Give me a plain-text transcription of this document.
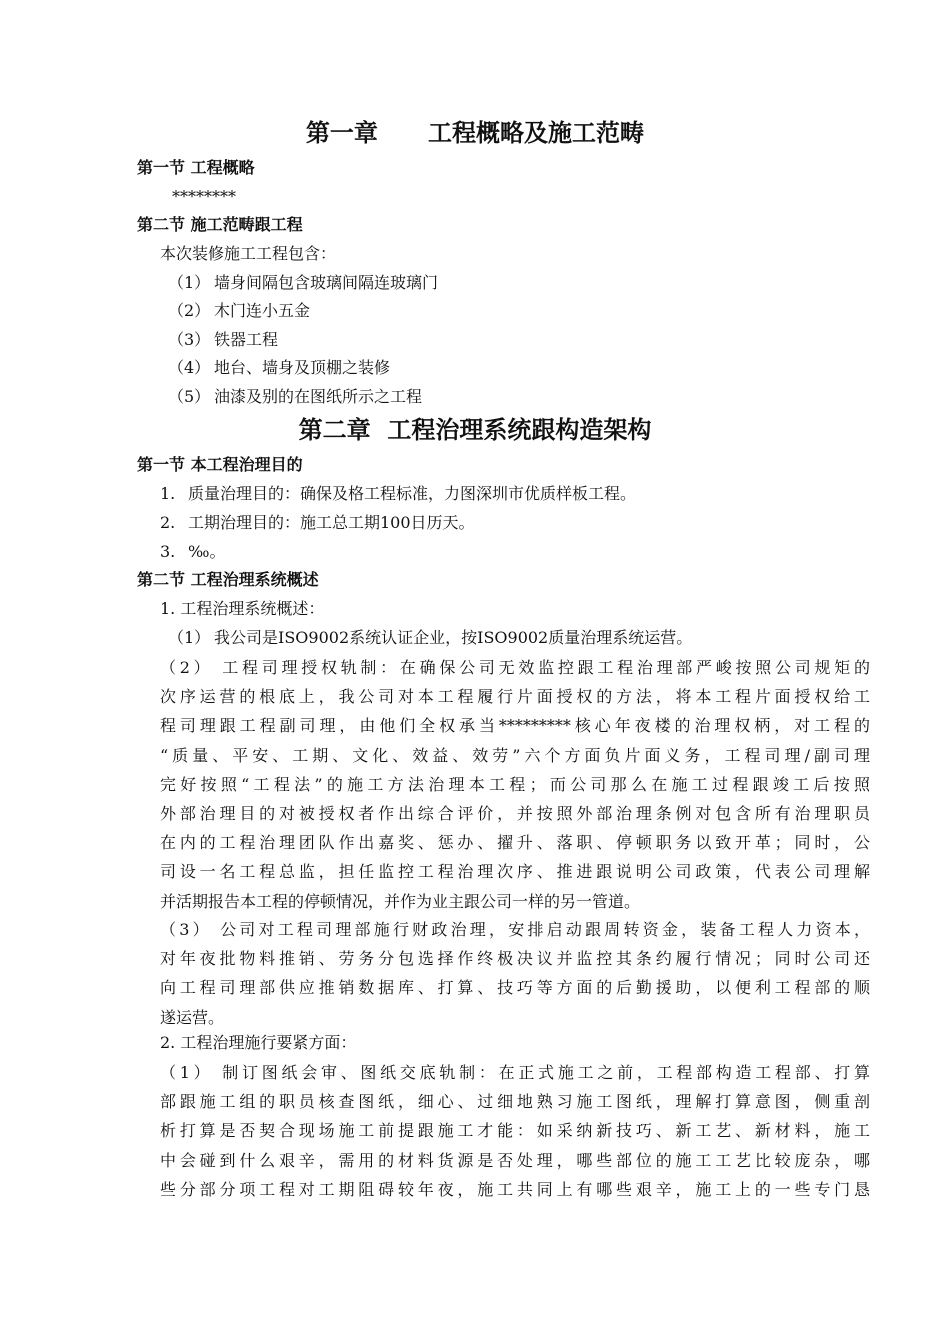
第一章      工程概略及施工范畴
第一节 工程概略
********
第二节 施工范畴跟工程
本次装修施工工程包含：
（1） 墙身间隔包含玻璃间隔连玻璃门
（2） 木门连小五金
（3） 铁器工程
（4） 地台、墙身及顶棚之装修
（5） 油漆及别的在图纸所示之工程
第二章  工程治理系统跟构造架构
第一节 本工程治理目的
1. 质量治理目的：确保及格工程标准，力图深圳市优质样板工程。
2. 工期治理目的：施工总工期100日历天。
3. ‰。
第二节 工程治理系统概述
1. 工程治理系统概述：
（1） 我公司是ISO9002系统认证企业，按ISO9002质量治理系统运营。
（2） 工程司理授权轨制：在确保公司无效监控跟工程治理部严峻按照公司规矩的
次序运营的根底上，我公司对本工程履行片面授权的方法，将本工程片面授权给工
程司理跟工程副司理，由他们全权承当*********核心年夜楼的治理权柄，对工程的
“质量、平安、工期、文化、效益、效劳”六个方面负片面义务，工程司理/副司理
完好按照“工程法”的施工方法治理本工程；而公司那么在施工过程跟竣工后按照
外部治理目的对被授权者作出综合评价，并按照外部治理条例对包含所有治理职员
在内的工程治理团队作出嘉奖、惩办、擢升、落职、停顿职务以致开革；同时，公
司设一名工程总监，担任监控工程治理次序、推进跟说明公司政策，代表公司理解
并活期报告本工程的停顿情况，并作为业主跟公司一样的另一管道。
（3） 公司对工程司理部施行财政治理，安排启动跟周转资金，装备工程人力资本，
对年夜批物料推销、劳务分包选择作终极决议并监控其条约履行情况；同时公司还
向工程司理部供应推销数据库、打算、技巧等方面的后勤援助，以便利工程部的顺
遂运营。
2. 工程治理施行要紧方面：
（1） 制订图纸会审、图纸交底轨制：在正式施工之前，工程部构造工程部、打算
部跟施工组的职员核查图纸，细心、过细地熟习施工图纸，理解打算意图，侧重剖
析打算是否契合现场施工前提跟施工才能：如采纳新技巧、新工艺、新材料，施工
中会碰到什么艰辛，需用的材料货源是否处理，哪些部位的施工工艺比较庞杂，哪
些分部分项工程对工期阻碍较年夜，施工共同上有哪些艰辛，施工上的一些专门恳
